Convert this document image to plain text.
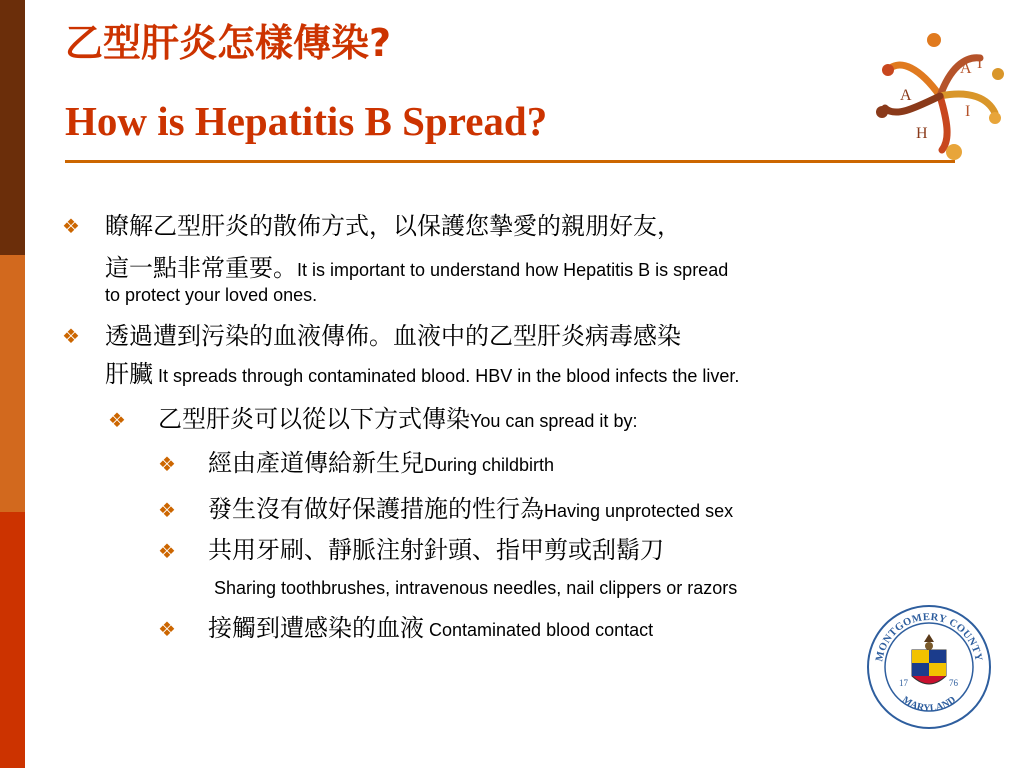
乙型肝炎怎樣傳染?
How is Hepatitis B Spread?
A
A I
H
I
❖ 瞭解乙型肝炎的散佈方式，以保護您摯愛的親朋好友，
這一點非常重要。It is important to understand how Hepatitis B is spread
to protect your loved ones.
❖ 透過遭到污染的血液傳佈。血液中的乙型肝炎病毒感染
肝臟 It spreads through contaminated blood. HBV in the blood infects the liver.
❖ 乙型肝炎可以從以下方式傳染You can spread it by:
❖ 經由產道傳給新生兒During childbirth
❖ 發生沒有做好保護措施的性行為Having unprotected sex
❖ 共用牙刷、靜脈注射針頭、指甲剪或刮鬍刀
Sharing toothbrushes, intravenous needles, nail clippers or razors
❖ 接觸到遭感染的血液 Contaminated blood contact
MONTGOMERY COUNTY
MARYLAND
17	76
